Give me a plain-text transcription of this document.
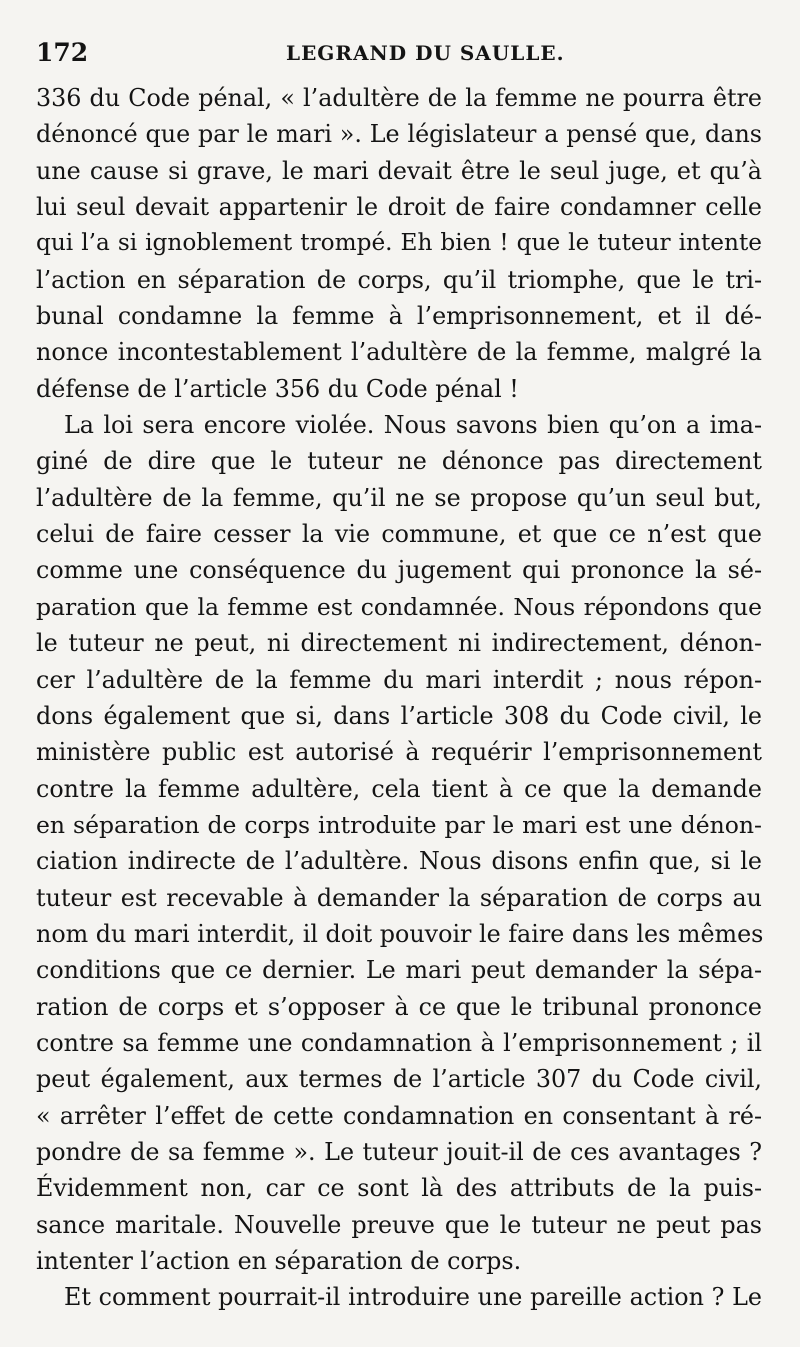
172	LEGRAND DU SAULLE.
336 du Code pénal, « l’adultère de la femme ne pourra être
dénoncé que par le mari ». Le législateur a pensé que, dans
une cause si grave, le mari devait être le seul juge, et qu’à
lui seul devait appartenir le droit de faire condamner celle
qui l’a si ignoblement trompé. Eh bien ! que le tuteur intente
l’action en séparation de corps, qu’il triomphe, que le tri-
bunal condamne la femme à l’emprisonnement, et il dé-
nonce incontestablement l’adultère de la femme, malgré la
défense de l’article 356 du Code pénal !
La loi sera encore violée. Nous savons bien qu’on a ima-
giné de dire que le tuteur ne dénonce pas directement
l’adultère de la femme, qu’il ne se propose qu’un seul but,
celui de faire cesser la vie commune, et que ce n’est que
comme une conséquence du jugement qui prononce la sé-
paration que la femme est condamnée. Nous répondons que
le tuteur ne peut, ni directement ni indirectement, dénon-
cer l’adultère de la femme du mari interdit ; nous répon-
dons également que si, dans l’article 308 du Code civil, le
ministère public est autorisé à requérir l’emprisonnement
contre la femme adultère, cela tient à ce que la demande
en séparation de corps introduite par le mari est une dénon-
ciation indirecte de l’adultère. Nous disons enfin que, si le
tuteur est recevable à demander la séparation de corps au
nom du mari interdit, il doit pouvoir le faire dans les mêmes
conditions que ce dernier. Le mari peut demander la sépa-
ration de corps et s’opposer à ce que le tribunal prononce
contre sa femme une condamnation à l’emprisonnement ; il
peut également, aux termes de l’article 307 du Code civil,
« arrêter l’effet de cette condamnation en consentant à ré-
pondre de sa femme ». Le tuteur jouit-il de ces avantages ?
Évidemment non, car ce sont là des attributs de la puis-
sance maritale. Nouvelle preuve que le tuteur ne peut pas
intenter l’action en séparation de corps.
Et comment pourrait-il introduire une pareille action ? Le
